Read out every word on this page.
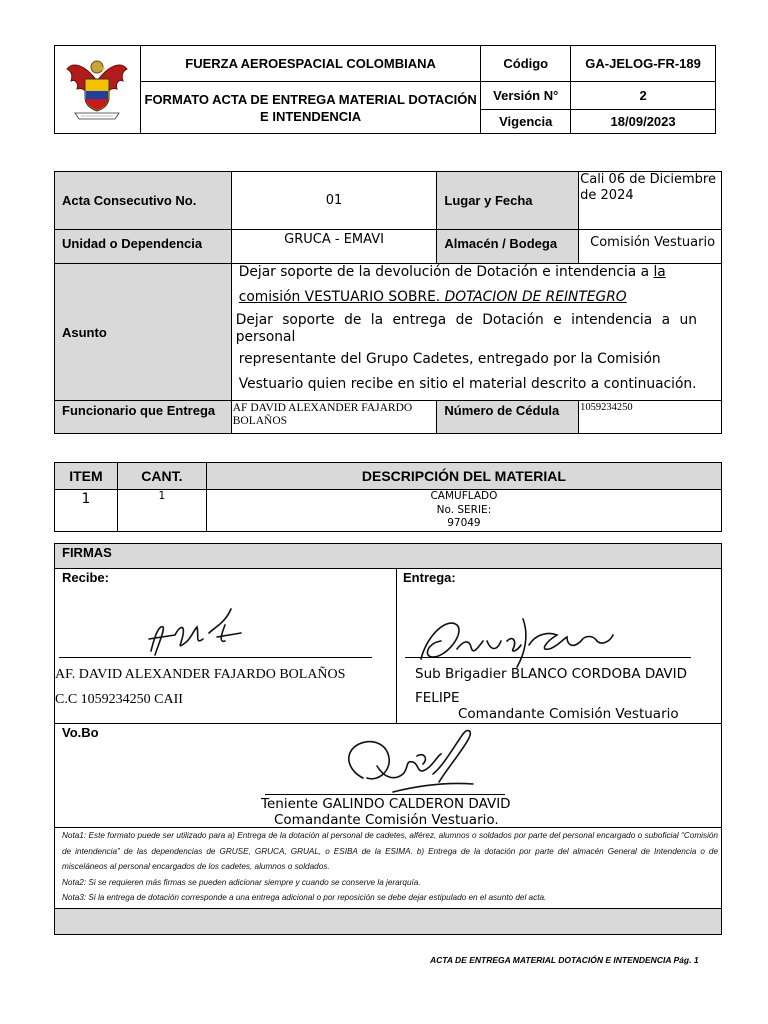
	FUERZA AEROESPACIAL COLOMBIANA	Código	GA-JELOG-FR-189
	FORMATO ACTA DE ENTREGA MATERIAL DOTACIÓN E INTENDENCIA	Versión N°	2
		Vigencia	18/09/2023
Acta Consecutivo No.	01	Lugar y Fecha	Cali 06 de Diciembre de 2024
Unidad o Dependencia	GRUCA - EMAVI	Almacén / Bodega	Comisión Vestuario
Asunto	Dejar soporte de la devolución de Dotación e intendencia a la
comisión VESTUARIO SOBRE. DOTACION DE REINTEGRO
Dejar soporte de la entrega de Dotación e intendencia a un personal
representante del Grupo Cadetes, entregado por la Comisión
Vestuario quien recibe en sitio el material descrito a continuación.		

Funcionario que Entrega	AF DAVID ALEXANDER FAJARDO BOLAÑOS	Número de Cédula	1059234250
ITEM	CANT.	DESCRIPCIÓN DEL MATERIAL
1	1	CAMUFLADO
No. SERIE:
97049
FIRMAS
Recibe:
AF. DAVID ALEXANDER FAJARDO BOLAÑOS
C.C 1059234250 CAII
Entrega:
Sub Brigadier BLANCO CORDOBA DAVID
FELIPE
Comandante Comisión Vestuario
Vo.Bo
Teniente GALINDO CALDERON DAVID
Comandante Comisión Vestuario.
Nota1: Este formato puede ser utilizado para a) Entrega de la dotación al personal de cadetes, alférez, alumnos o soldados por parte del personal encargado o suboficial “Comisión de intendencia” de las dependencias de GRUSE, GRUCA, GRUAL, o ESIBA de la ESIMA. b) Entrega de la dotación por parte del almacén General de Intendencia o de misceláneos al personal encargados de los cadetes, alumnos o soldados.
Nota2: Si se requieren más firmas se pueden adicionar siempre y cuando se conserve la jerarquía.
Nota3: Si la entrega de dotación corresponde a una entrega adicional o por reposición se debe dejar estipulado en el asunto del acta.
ACTA DE ENTREGA MATERIAL DOTACIÓN E INTENDENCIA Pág. 1
